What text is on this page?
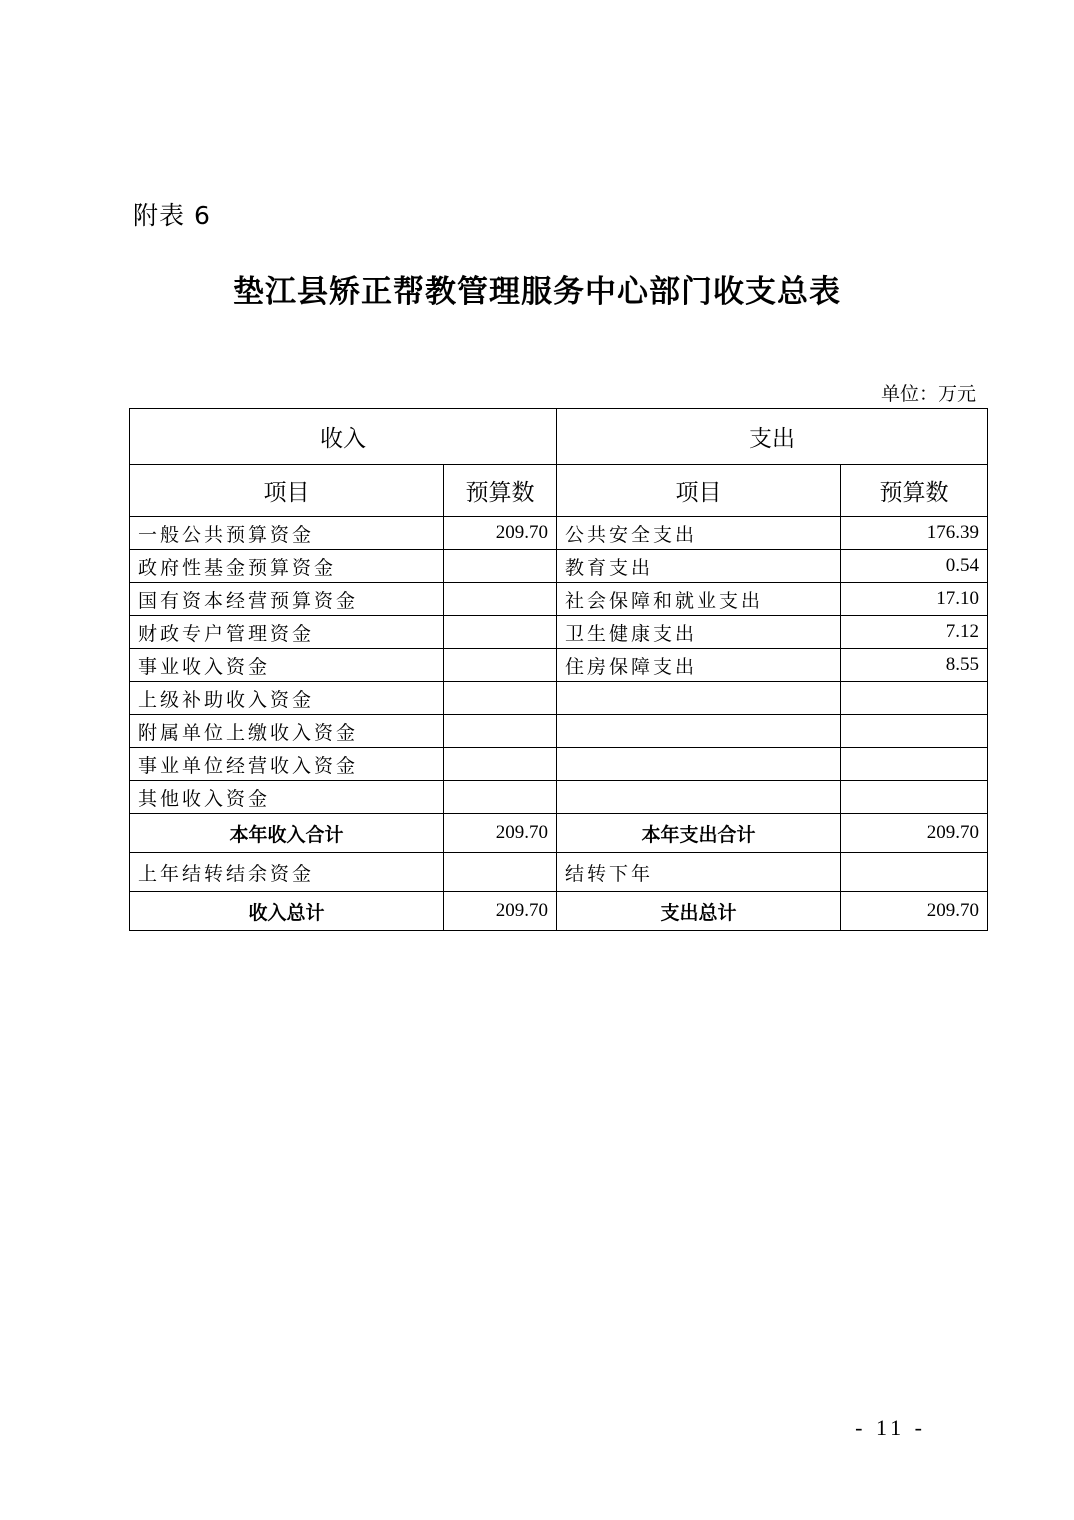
附表 6
垫江县矫正帮教管理服务中心部门收支总表
单位：万元
收入		支出	
项目	预算数	项目	预算数
一般公共预算资金	209.70	公共安全支出	176.39
政府性基金预算资金		教育支出	0.54
国有资本经营预算资金		社会保障和就业支出	17.10
财政专户管理资金		卫生健康支出	7.12
事业收入资金		住房保障支出	8.55
上级补助收入资金			
附属单位上缴收入资金			
事业单位经营收入资金			
其他收入资金			
本年收入合计	209.70	本年支出合计	209.70
上年结转结余资金		结转下年	
收入总计	209.70	支出总计	209.70
- 11 -
